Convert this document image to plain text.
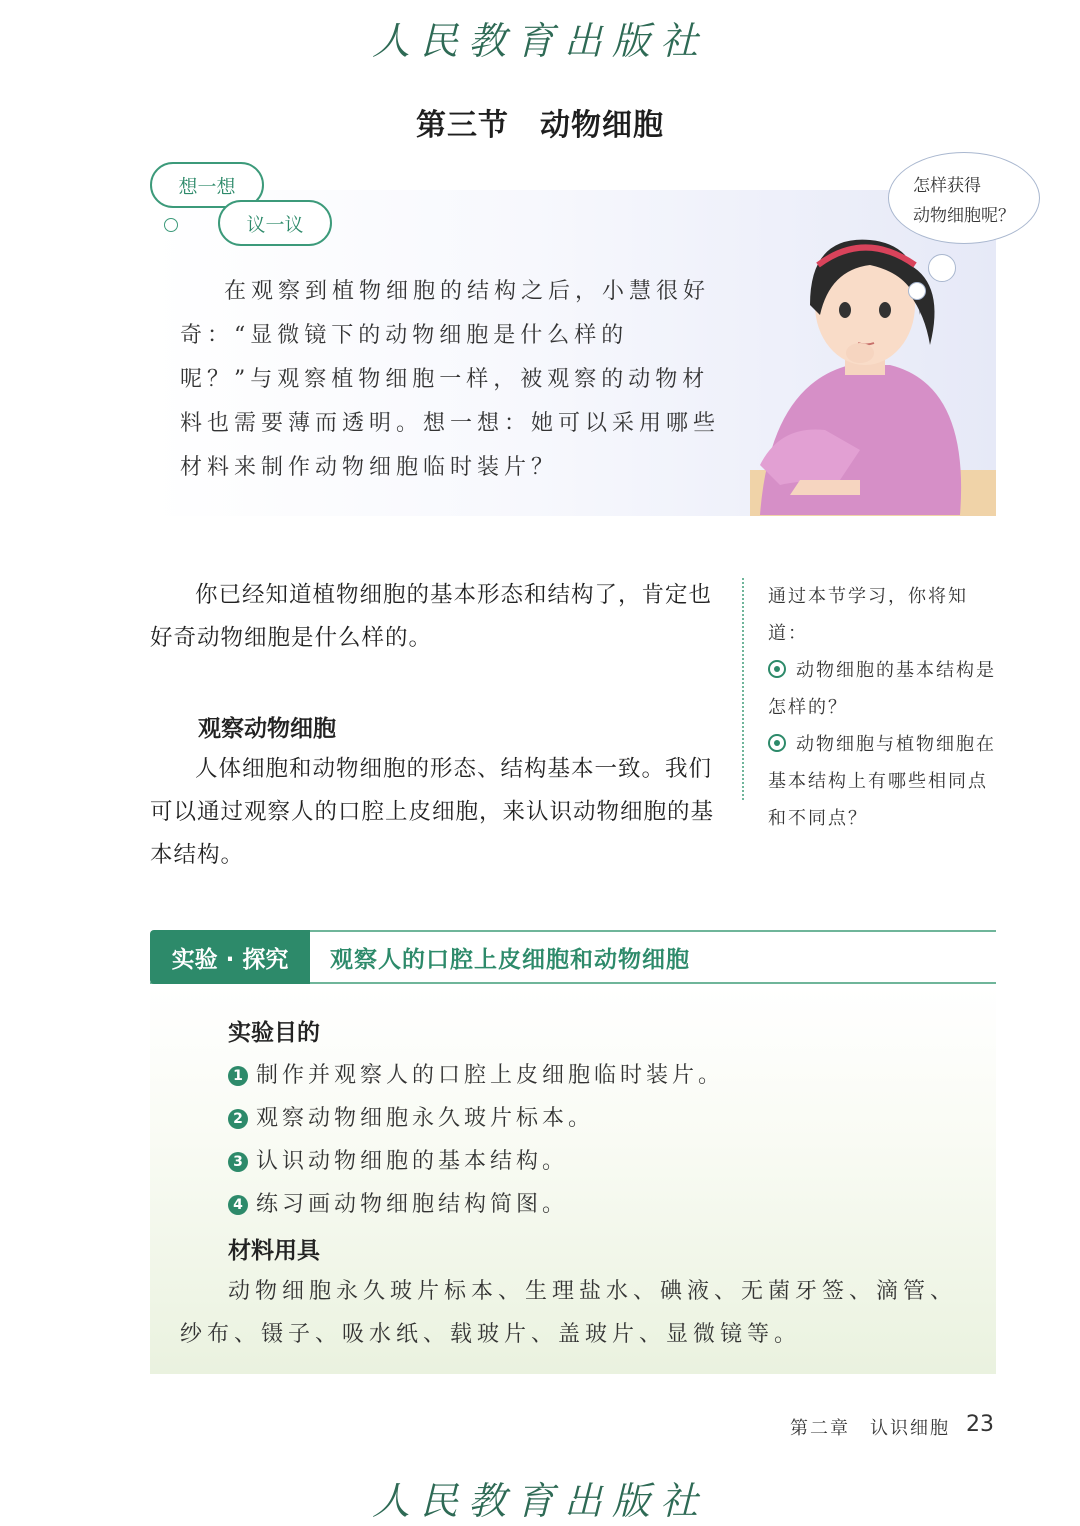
人民教育出版社
第三节　动物细胞
想一想
议一议

在观察到植物细胞的结构之后，小慧很好奇：“显微镜下的动物细胞是什么样的呢？”与观察植物细胞一样，被观察的动物材料也需要薄而透明。想一想：她可以采用哪些材料来制作动物细胞临时装片？

怎样获得
动物细胞呢？

你已经知道植物细胞的基本形态和结构了，肯定也好奇动物细胞是什么样的。

通过本节学习，你将知道：
动物细胞的基本结构是怎样的？
动物细胞与植物细胞在基本结构上有哪些相同点和不同点？
观察动物细胞

人体细胞和动物细胞的形态、结构基本一致。我们可以通过观察人的口腔上皮细胞，来认识动物细胞的基本结构。

实验 · 探究	观察人的口腔上皮细胞和动物细胞
实验目的
1 制作并观察人的口腔上皮细胞临时装片。
2 观察动物细胞永久玻片标本。
3 认识动物细胞的基本结构。
4 练习画动物细胞结构简图。
材料用具
动物细胞永久玻片标本、生理盐水、碘液、无菌牙签、滴管、纱布、镊子、吸水纸、载玻片、盖玻片、显微镜等。
第二章　认识细胞 23
人民教育出版社
